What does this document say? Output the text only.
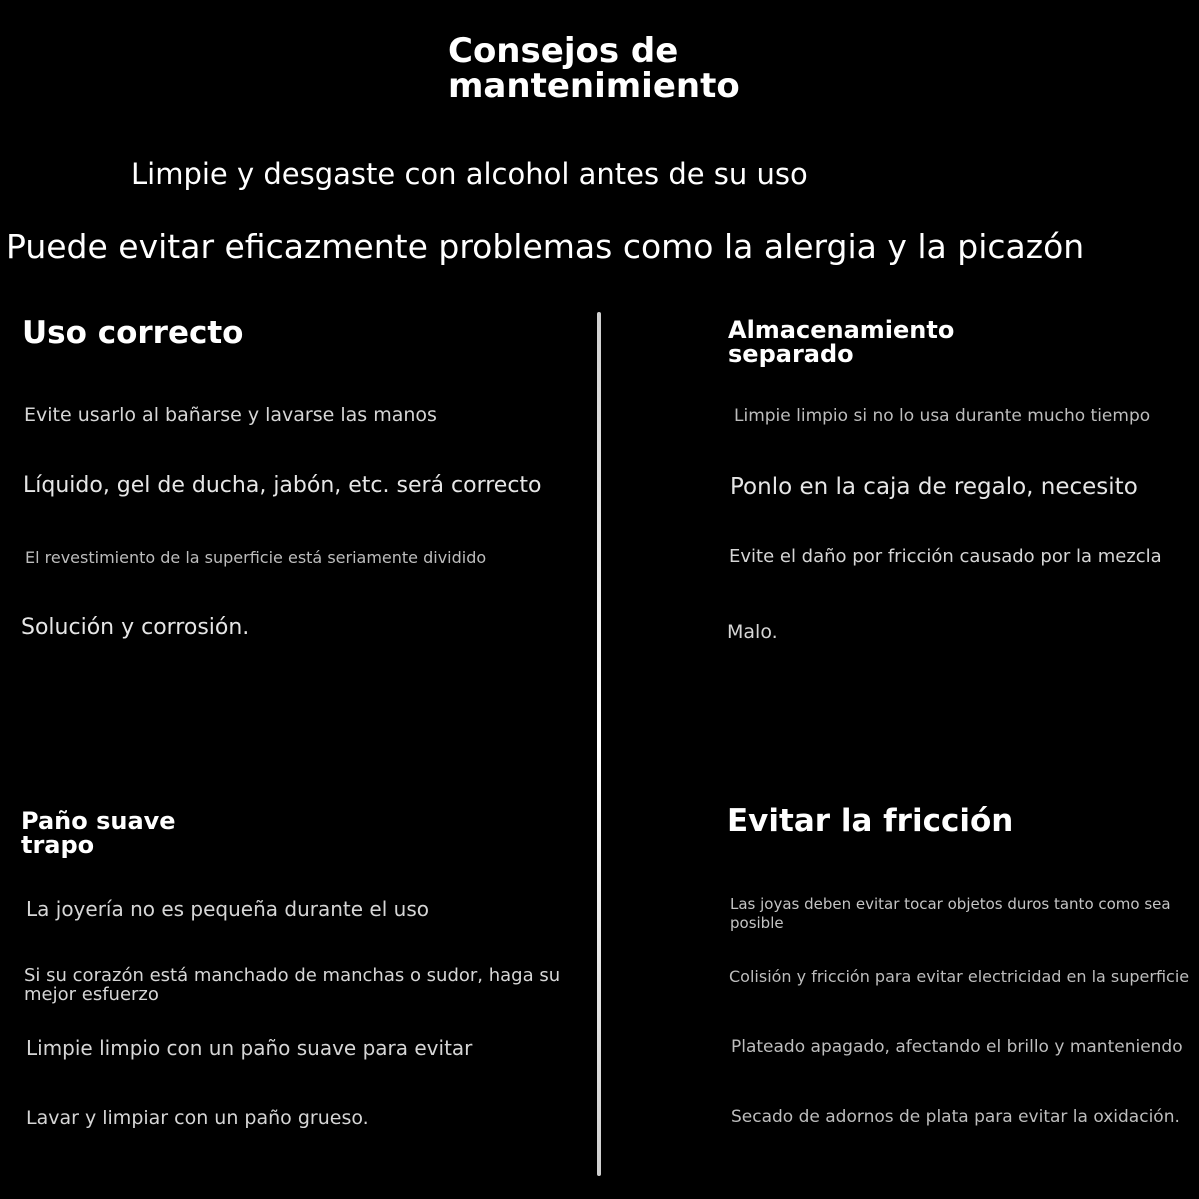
Consejos de mantenimiento

Limpie y desgaste con alcohol antes de su uso

Puede evitar eficazmente problemas como la alergia y la picazón

Uso correcto

Evite usarlo al bañarse y lavarse las manos

Líquido, gel de ducha, jabón, etc. será correcto

El revestimiento de la superficie está seriamente dividido

Solución y corrosión.

Almacenamiento separado

Limpie limpio si no lo usa durante mucho tiempo

Ponlo en la caja de regalo, necesito

Evite el daño por fricción causado por la mezcla

Malo.

Paño suave trapo

La joyería no es pequeña durante el uso

Si su corazón está manchado de manchas o sudor, haga su mejor esfuerzo

Limpie limpio con un paño suave para evitar

Lavar y limpiar con un paño grueso.

Evitar la fricción

Las joyas deben evitar tocar objetos duros tanto como sea posible

Colisión y fricción para evitar electricidad en la superficie

Plateado apagado, afectando el brillo y manteniendo

Secado de adornos de plata para evitar la oxidación.
